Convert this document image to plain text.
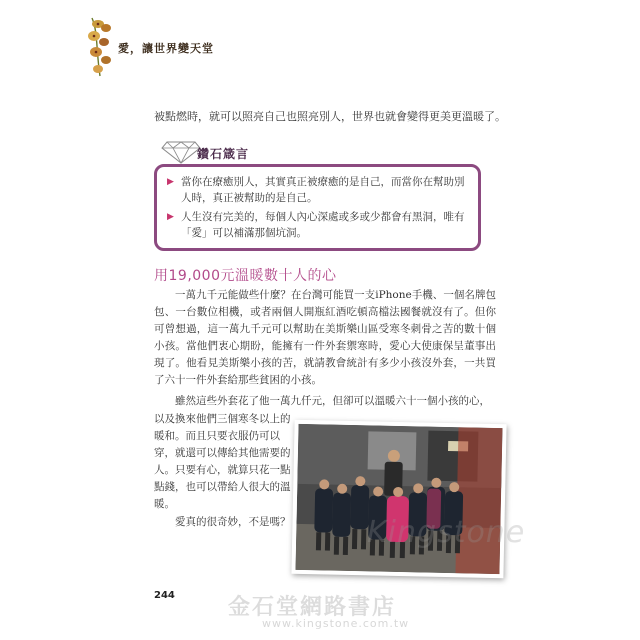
愛，讓世界變天堂
被點燃時，就可以照亮自己也照亮別人，世界也就會變得更美更溫暖了。
鑽石箴言
▶ 當你在療癒別人，其實真正被療癒的是自己，而當你在幫助別人時，真正被幫助的是自己。
▶ 人生沒有完美的，每個人內心深處或多或少都會有黑洞，唯有「愛」可以補滿那個坑洞。
用19,000元溫暖數十人的心
一萬九千元能做些什麼？在台灣可能買一支iPhone手機、一個名牌包包、一台數位相機，或者兩個人開瓶紅酒吃頓高檔法國餐就沒有了。但你可曾想過，這一萬九千元可以幫助在美斯樂山區受寒冬刺骨之苦的數十個小孩。當他們衷心期盼，能擁有一件外套禦寒時，愛心大使康保呈董事出現了。他看見美斯樂小孩的苦，就請教會統計有多少小孩沒外套，一共買了六十一件外套給那些貧困的小孩。
雖然這些外套花了他一萬九仟元，但卻可以溫暖六十一個小孩的心，
以及換來他們三個寒冬以上的暖和。而且只要衣服仍可以穿，就還可以傳給其他需要的人。只要有心，就算只花一點點錢，也可以帶給人很大的溫暖。
愛真的很奇妙，不是嗎？
244
Kingstone
金石堂網路書店
www.kingstone.com.tw
